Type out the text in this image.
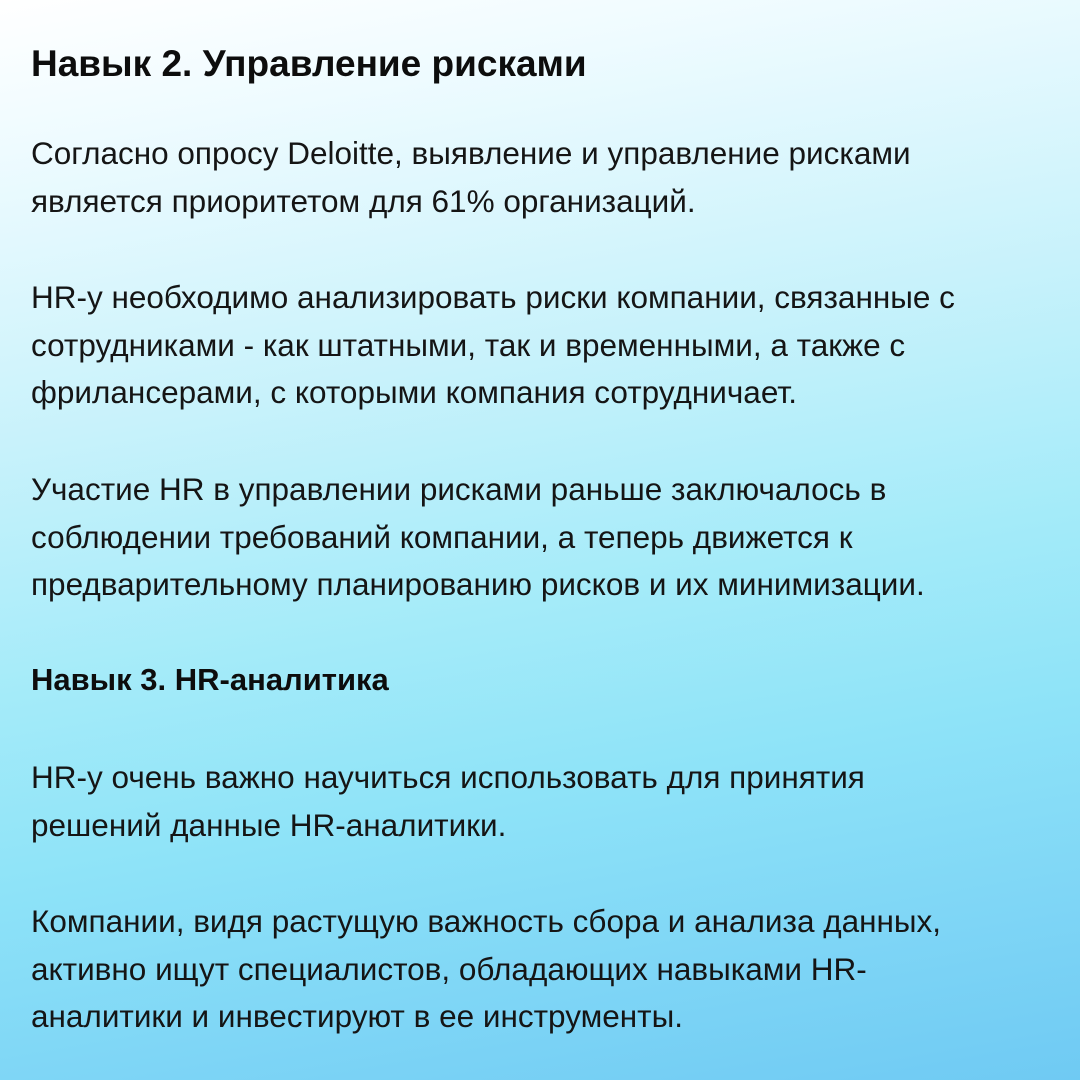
Навык 2. Управление рисками

Согласно опросу Deloitte, выявление и управление рисками
является приоритетом для 61% организаций.

HR-у необходимо анализировать риски компании, связанные с
сотрудниками - как штатными, так и временными, а также с
фрилансерами, с которыми компания сотрудничает.

Участие HR в управлении рисками раньше заключалось в
соблюдении требований компании, а теперь движется к
предварительному планированию рисков и их минимизации.

Навык 3. HR-аналитика

HR-у очень важно научиться использовать для принятия
решений данные HR-аналитики.

Компании, видя растущую важность сбора и анализа данных,
активно ищут специалистов, обладающих навыками HR-
аналитики и инвестируют в ее инструменты.
